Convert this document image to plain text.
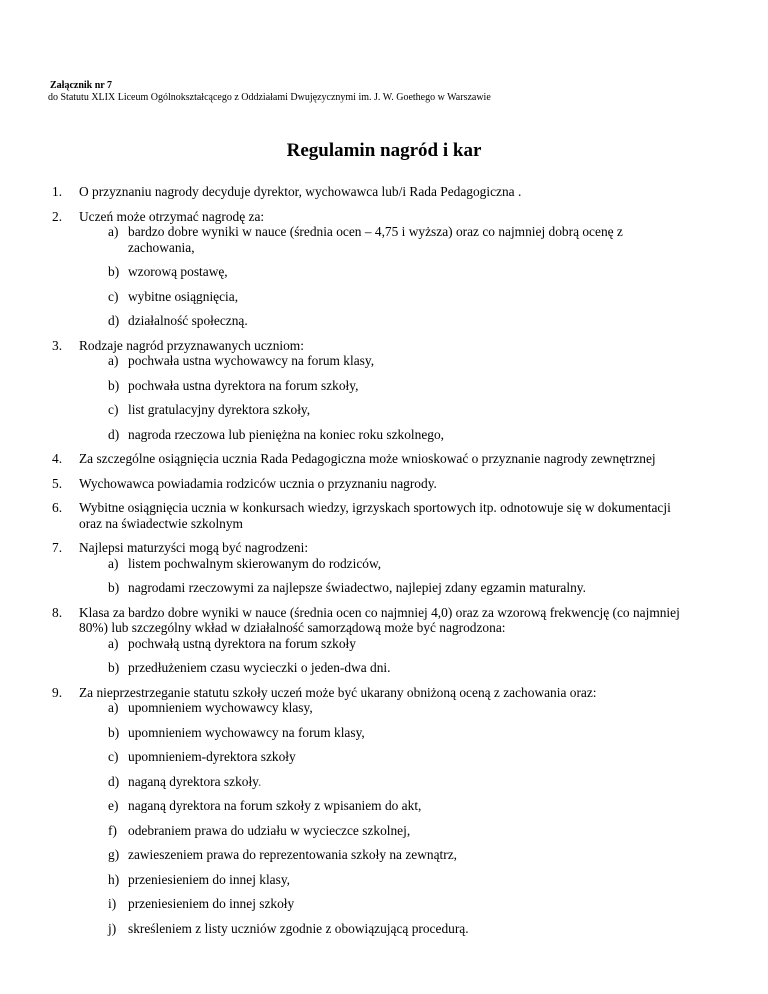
Załącznik nr 7
do Statutu XLIX Liceum Ogólnokształcącego z Oddziałami Dwujęzycznymi im. J. W. Goethego w Warszawie
Regulamin nagród i kar
1. O przyznaniu nagrody decyduje dyrektor, wychowawca lub/i Rada Pedagogiczna .
2. Uczeń może otrzymać nagrodę za:
a) bardzo dobre wyniki w nauce (średnia ocen – 4,75 i wyższa) oraz co najmniej dobrą ocenę z zachowania,
b) wzorową postawę,
c) wybitne osiągnięcia,
d) działalność społeczną.
3. Rodzaje nagród przyznawanych uczniom:
a) pochwała ustna wychowawcy na forum klasy,
b) pochwała ustna dyrektora na forum szkoły,
c) list gratulacyjny dyrektora szkoły,
d) nagroda rzeczowa lub pieniężna na koniec roku szkolnego,
4. Za szczególne osiągnięcia ucznia Rada Pedagogiczna może wnioskować o przyznanie nagrody zewnętrznej
5. Wychowawca powiadamia rodziców ucznia o przyznaniu nagrody.
6. Wybitne osiągnięcia ucznia w konkursach wiedzy, igrzyskach sportowych itp. odnotowuje się w dokumentacji oraz na świadectwie szkolnym
7. Najlepsi maturzyści mogą być nagrodzeni:
a) listem pochwalnym skierowanym do rodziców,
b) nagrodami rzeczowymi za najlepsze świadectwo, najlepiej zdany egzamin maturalny.
8. Klasa za bardzo dobre wyniki w nauce (średnia ocen co najmniej 4,0) oraz za wzorową frekwencję (co najmniej 80%) lub szczególny wkład w działalność samorządową może być nagrodzona:
a) pochwałą ustną dyrektora na forum szkoły
b) przedłużeniem czasu wycieczki o jeden-dwa dni.
9. Za nieprzestrzeganie statutu szkoły uczeń może być ukarany obniżoną oceną z zachowania oraz:
a) upomnieniem wychowawcy klasy,
b) upomnieniem wychowawcy na forum klasy,
c) upomnieniem-dyrektora szkoły
d) naganą dyrektora szkoły.
e) naganą dyrektora na forum szkoły z wpisaniem do akt,
f) odebraniem prawa do udziału w wycieczce szkolnej,
g) zawieszeniem prawa do reprezentowania szkoły na zewnątrz,
h) przeniesieniem do innej klasy,
i) przeniesieniem do innej szkoły
j) skreśleniem z listy uczniów zgodnie z obowiązującą procedurą.
